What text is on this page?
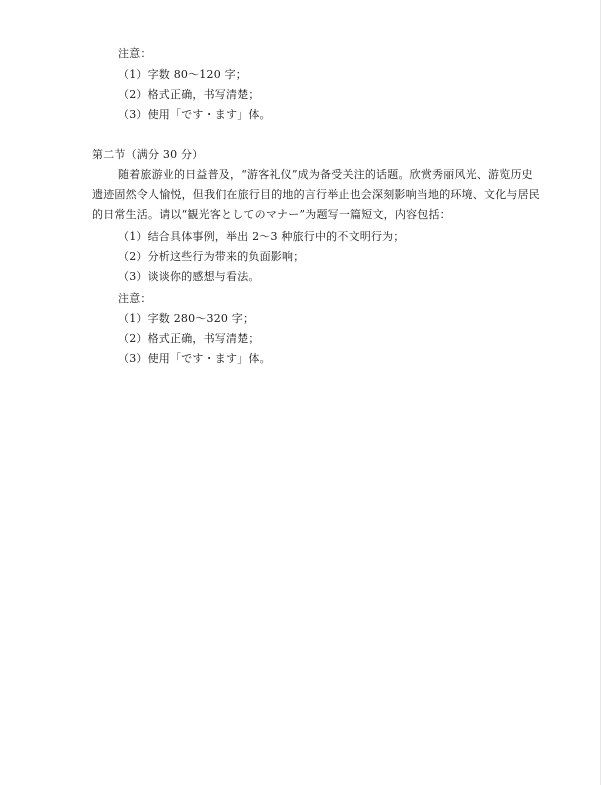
注意：
（1）字数 80～120 字；
（2）格式正确，书写清楚；
（3）使用「です・ます」体。
第二节（满分 30 分）
随着旅游业的日益普及，“游客礼仪”成为备受关注的话题。欣赏秀丽风光、游览历史
遗迹固然令人愉悦，但我们在旅行目的地的言行举止也会深刻影响当地的环境、文化与居民
的日常生活。请以“観光客としてのマナー”为题写一篇短文，内容包括：
（1）结合具体事例，举出 2～3 种旅行中的不文明行为；
（2）分析这些行为带来的负面影响；
（3）谈谈你的感想与看法。
注意：
（1）字数 280～320 字；
（2）格式正确，书写清楚；
（3）使用「です・ます」体。
